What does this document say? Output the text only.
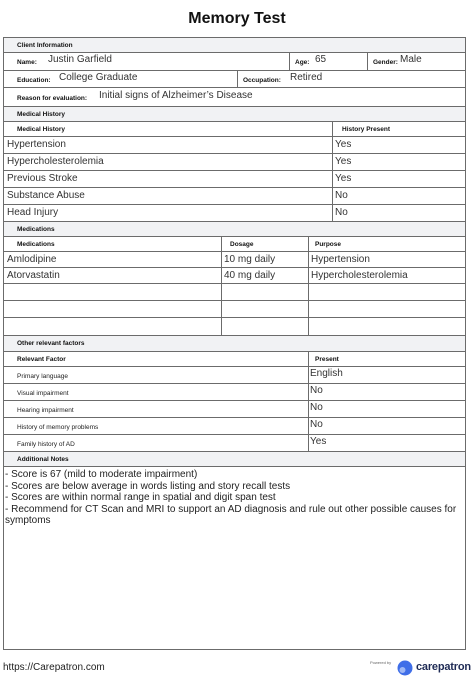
Memory Test
Client Information
Name: Justin Garfield	Age: 65	Gender: Male
Education: College Graduate	Occupation: Retired
Reason for evaluation: Initial signs of Alzheimer’s Disease
Medical History
Medical History	History Present
Hypertension	Yes
Hypercholesterolemia	Yes
Previous Stroke	Yes
Substance Abuse	No
Head Injury	No
Medications
Medications	Dosage	Purpose
Amlodipine	10 mg daily	Hypertension
Atorvastatin	40 mg daily	Hypercholesterolemia
Other relevant factors
Relevant Factor	Present
Primary language	English
Visual impairment	No
Hearing impairment	No
History of memory problems	No
Family history of AD	Yes
Additional Notes
- Score is 67 (mild to moderate impairment)
- Scores are below average in words listing and story recall tests
- Scores are within normal range in spatial and digit span test
- Recommend for CT Scan and MRI to support an AD diagnosis and rule out other possible causes for
symptoms
https://Carepatron.com	Powered by carepatron
